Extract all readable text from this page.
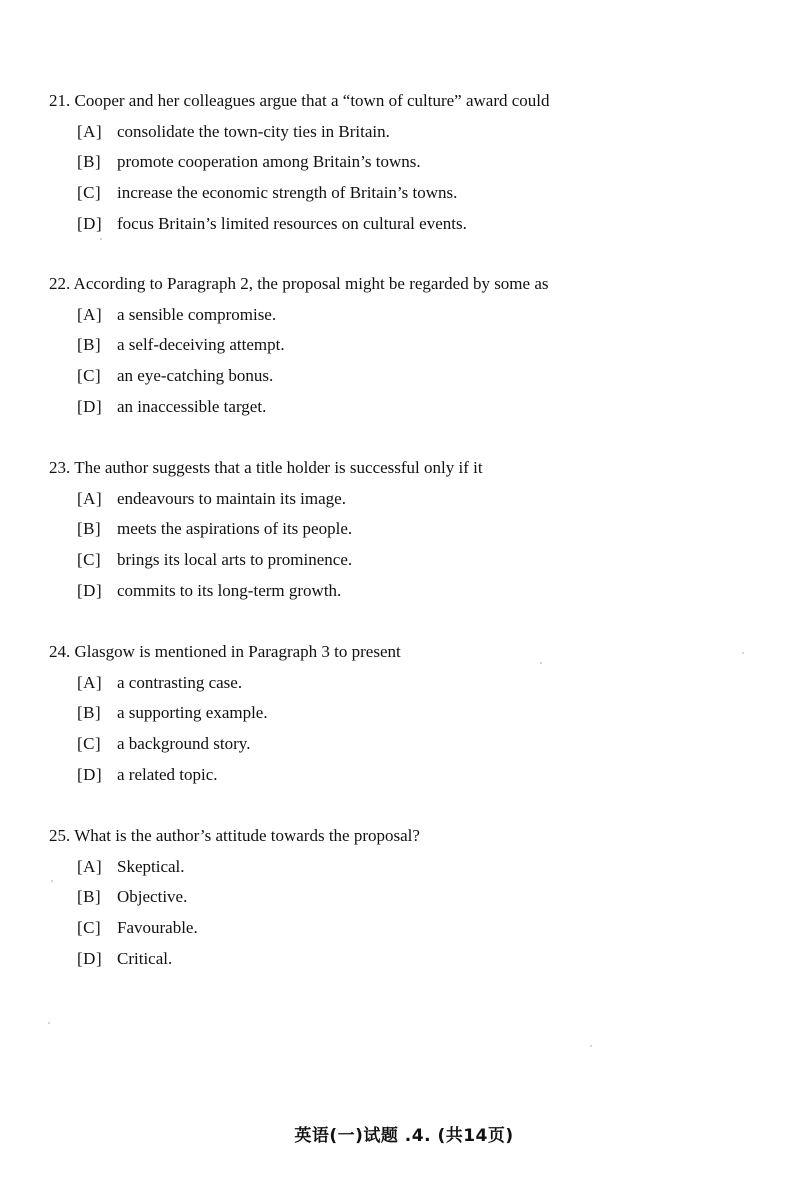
21. Cooper and her colleagues argue that a “town of culture” award could
[A] consolidate the town-city ties in Britain.
[B] promote cooperation among Britain’s towns.
[C] increase the economic strength of Britain’s towns.
[D] focus Britain’s limited resources on cultural events.
22. According to Paragraph 2, the proposal might be regarded by some as
[A] a sensible compromise.
[B] a self-deceiving attempt.
[C] an eye-catching bonus.
[D] an inaccessible target.
23. The author suggests that a title holder is successful only if it
[A] endeavours to maintain its image.
[B] meets the aspirations of its people.
[C] brings its local arts to prominence.
[D] commits to its long-term growth.
24. Glasgow is mentioned in Paragraph 3 to present
[A] a contrasting case.
[B] a supporting example.
[C] a background story.
[D] a related topic.
25. What is the author’s attitude towards the proposal?
[A] Skeptical.
[B] Objective.
[C] Favourable.
[D] Critical.
英语(一)试题 .4. (共14页)
